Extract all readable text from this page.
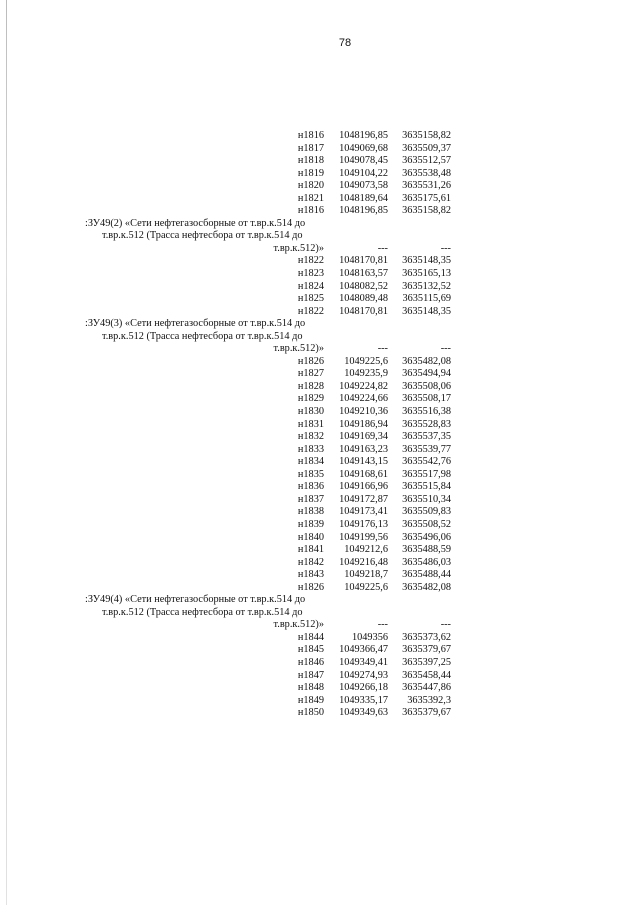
78
н1816	1048196,85	3635158,82
н1817	1049069,68	3635509,37
н1818	1049078,45	3635512,57
н1819	1049104,22	3635538,48
н1820	1049073,58	3635531,26
н1821	1048189,64	3635175,61
н1816	1048196,85	3635158,82
:ЗУ49(2) «Сети нефтегазосборные от т.вр.к.514 до
т.вр.к.512 (Трасса нефтесбора от т.вр.к.514 до
т.вр.к.512)»	---	---
н1822	1048170,81	3635148,35
н1823	1048163,57	3635165,13
н1824	1048082,52	3635132,52
н1825	1048089,48	3635115,69
н1822	1048170,81	3635148,35
:ЗУ49(3) «Сети нефтегазосборные от т.вр.к.514 до
т.вр.к.512 (Трасса нефтесбора от т.вр.к.514 до
т.вр.к.512)»	---	---
н1826	1049225,6	3635482,08
н1827	1049235,9	3635494,94
н1828	1049224,82	3635508,06
н1829	1049224,66	3635508,17
н1830	1049210,36	3635516,38
н1831	1049186,94	3635528,83
н1832	1049169,34	3635537,35
н1833	1049163,23	3635539,77
н1834	1049143,15	3635542,76
н1835	1049168,61	3635517,98
н1836	1049166,96	3635515,84
н1837	1049172,87	3635510,34
н1838	1049173,41	3635509,83
н1839	1049176,13	3635508,52
н1840	1049199,56	3635496,06
н1841	1049212,6	3635488,59
н1842	1049216,48	3635486,03
н1843	1049218,7	3635488,44
н1826	1049225,6	3635482,08
:ЗУ49(4) «Сети нефтегазосборные от т.вр.к.514 до
т.вр.к.512 (Трасса нефтесбора от т.вр.к.514 до
т.вр.к.512)»	---	---
н1844	1049356	3635373,62
н1845	1049366,47	3635379,67
н1846	1049349,41	3635397,25
н1847	1049274,93	3635458,44
н1848	1049266,18	3635447,86
н1849	1049335,17	3635392,3
н1850	1049349,63	3635379,67
